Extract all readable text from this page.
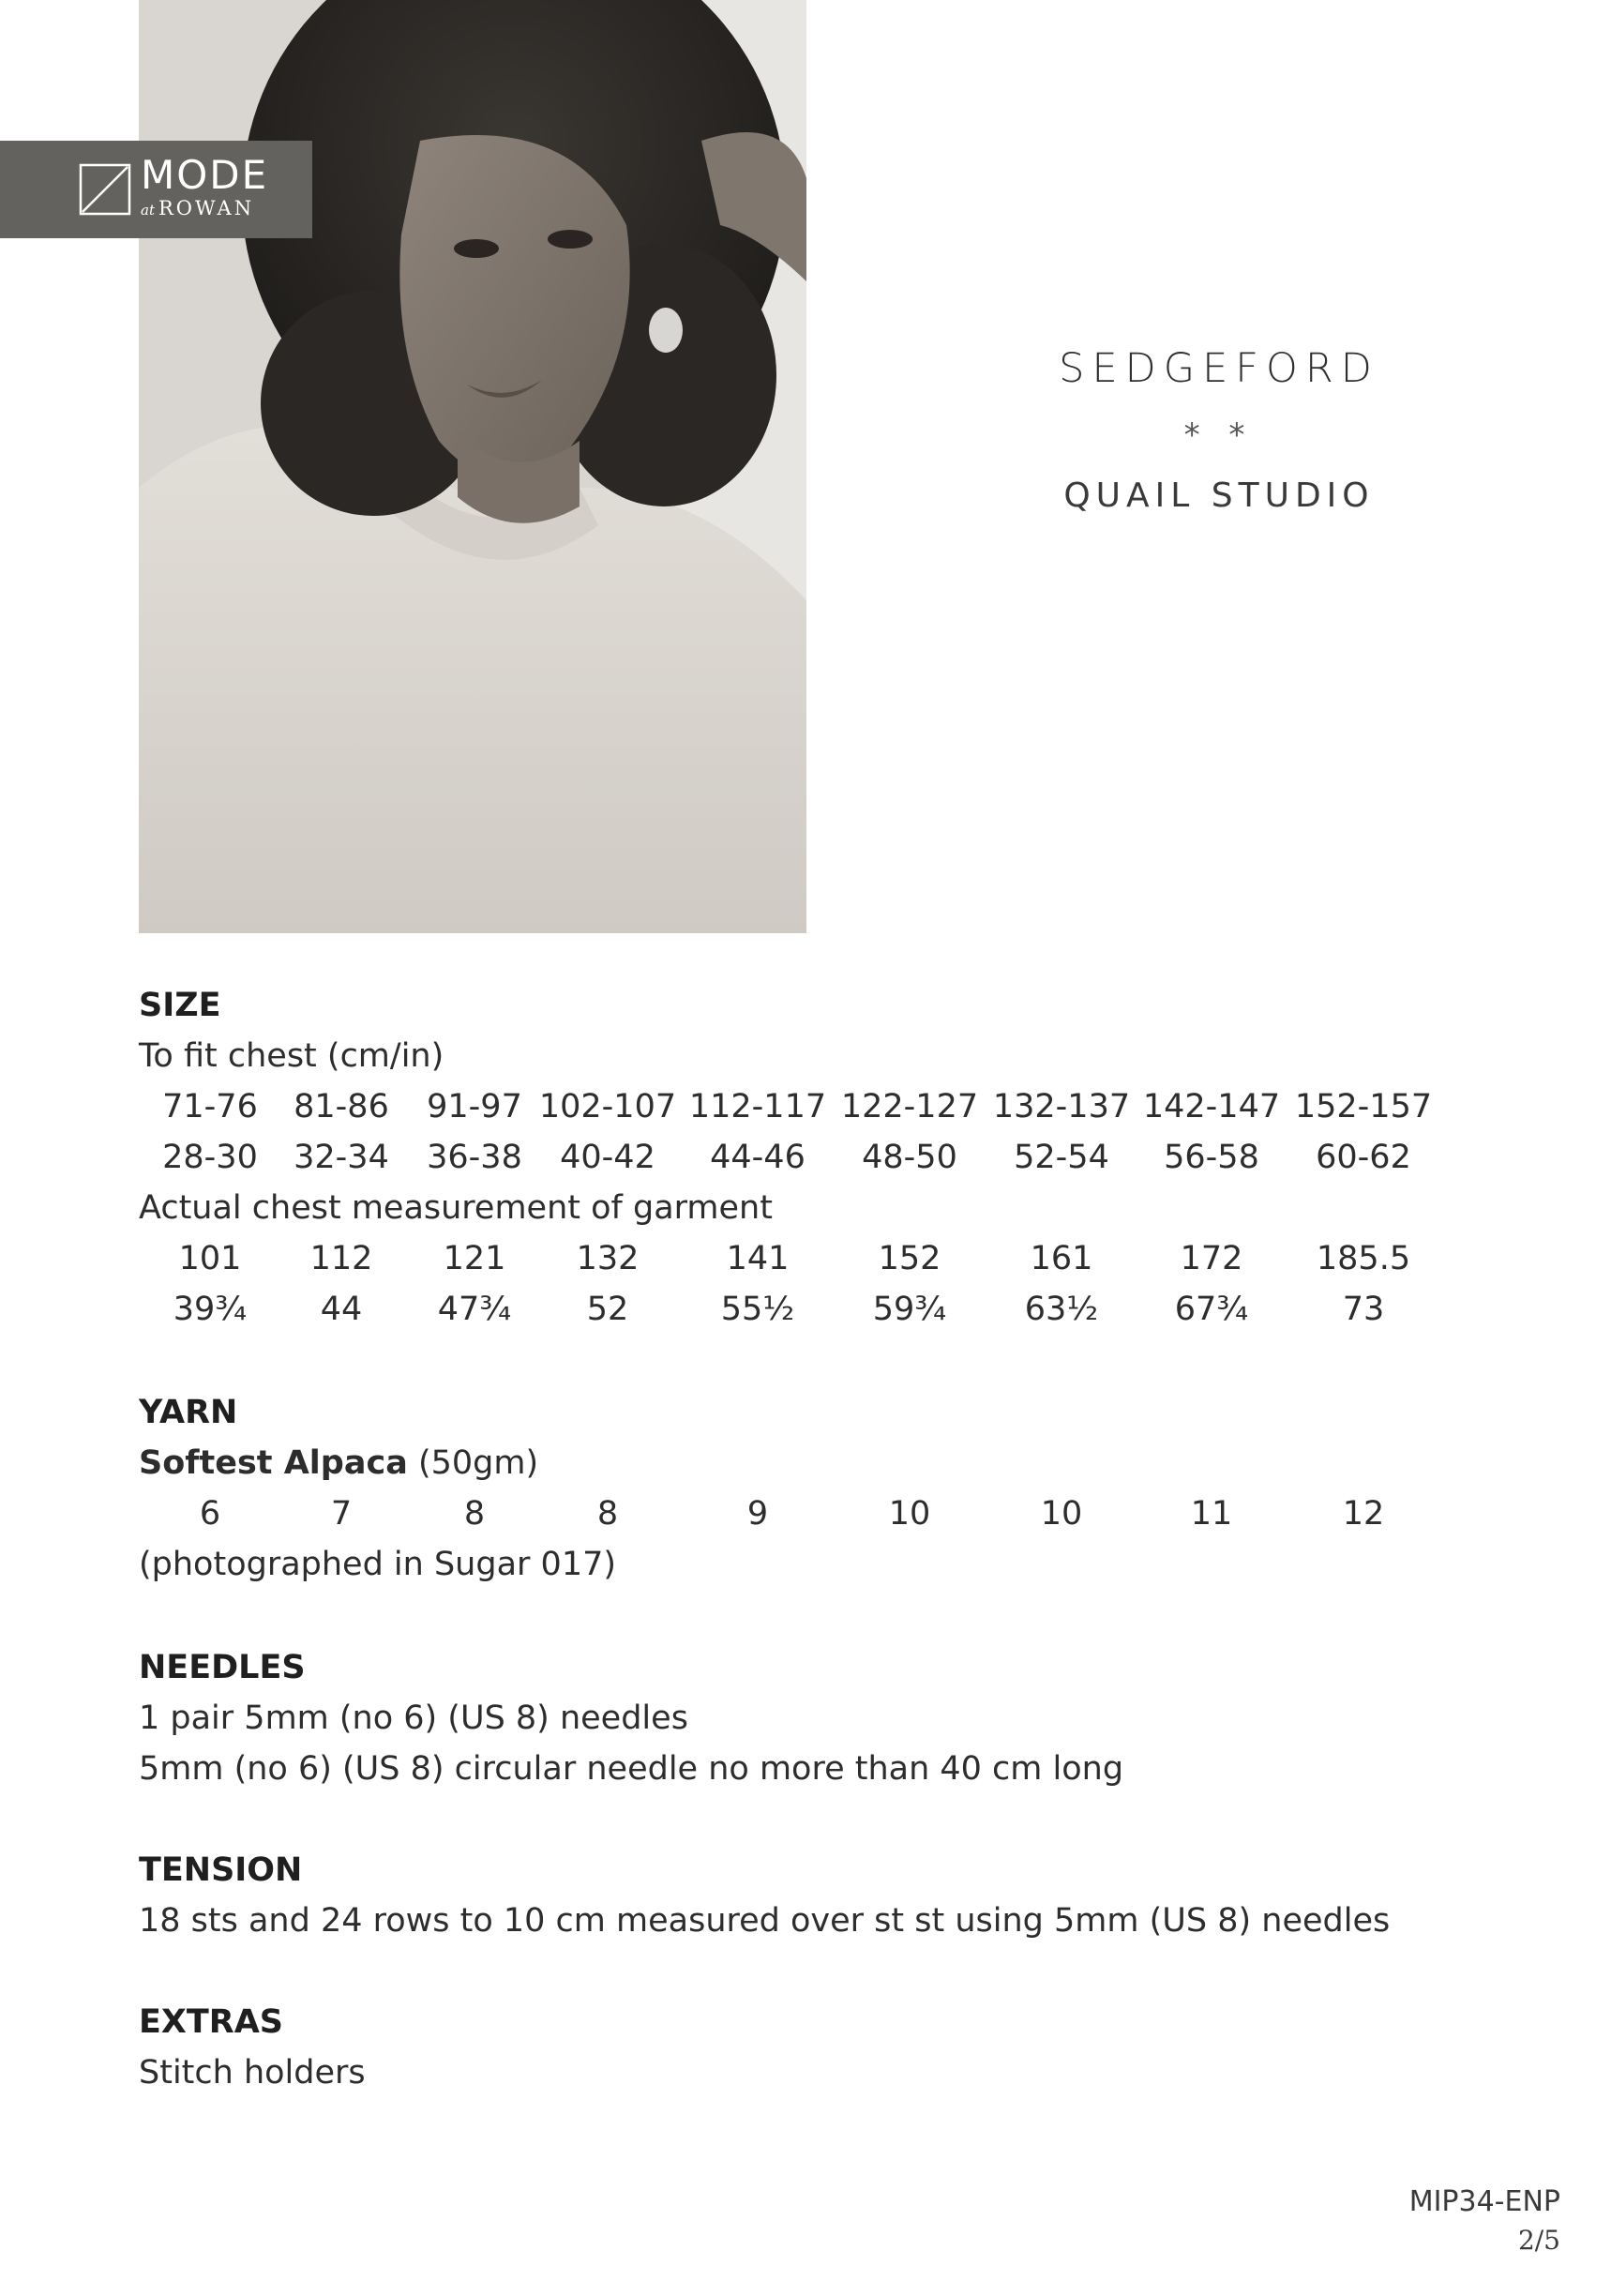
MODE
at ROWAN
SEDGEFORD
* *
QUAIL STUDIO
SIZE
To fit chest (cm/in)
71-76	81-86	91-97 102-107 112-117 122-127 132-137 142-147 152-157
28-30	32-34	36-38	40-42	44-46	48-50	52-54	56-58	60-62
Actual chest measurement of garment
101	112	121	132	141	152	161	172	185.5
39¾	44	47¾	52	55½	59¾	63½	67¾	73
YARN
Softest Alpaca (50gm)
6	7	8	8	9	10	10	11	12
(photographed in Sugar 017)
NEEDLES
1 pair 5mm (no 6) (US 8) needles
5mm (no 6) (US 8) circular needle no more than 40 cm long
TENSION
18 sts and 24 rows to 10 cm measured over st st using 5mm (US 8) needles
EXTRAS
Stitch holders
MIP34-ENP
2/5
